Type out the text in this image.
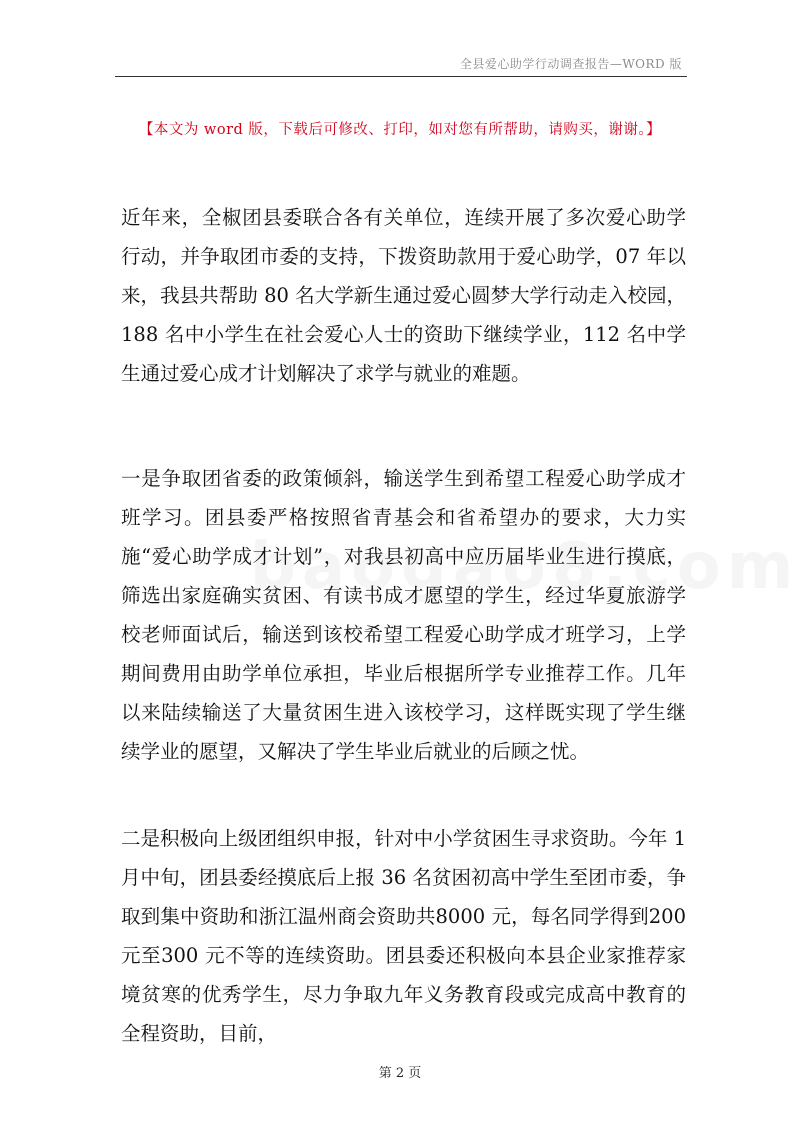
全县爱心助学行动调查报告—WORD 版
【本文为 word 版，下载后可修改、打印，如对您有所帮助，请购买，谢谢。】

近年来，全椒团县委联合各有关单位，连续开展了多次爱心助学行动，并争取团市委的支持，下拨资助款用于爱心助学，07 年以来，我县共帮助 80 名大学新生通过爱心圆梦大学行动走入校园，188 名中小学生在社会爱心人士的资助下继续学业，112 名中学生通过爱心成才计划解决了求学与就业的难题。

一是争取团省委的政策倾斜，输送学生到希望工程爱心助学成才班学习。团县委严格按照省青基会和省希望办的要求，大力实施“爱心助学成才计划”，对我县初高中应历届毕业生进行摸底，筛选出家庭确实贫困、有读书成才愿望的学生，经过华夏旅游学校老师面试后，输送到该校希望工程爱心助学成才班学习，上学期间费用由助学单位承担，毕业后根据所学专业推荐工作。几年以来陆续输送了大量贫困生进入该校学习，这样既实现了学生继续学业的愿望，又解决了学生毕业后就业的后顾之忧。

二是积极向上级团组织申报，针对中小学贫困生寻求资助。今年 1 月中旬，团县委经摸底后上报 36 名贫困初高中学生至团市委，争取到集中资助和浙江温州商会资助共8000 元，每名同学得到200 元至300 元不等的连续资助。团县委还积极向本县企业家推荐家境贫寒的优秀学生，尽力争取九年义务教育段或完成高中教育的全程资助，目前，

第 2 页
